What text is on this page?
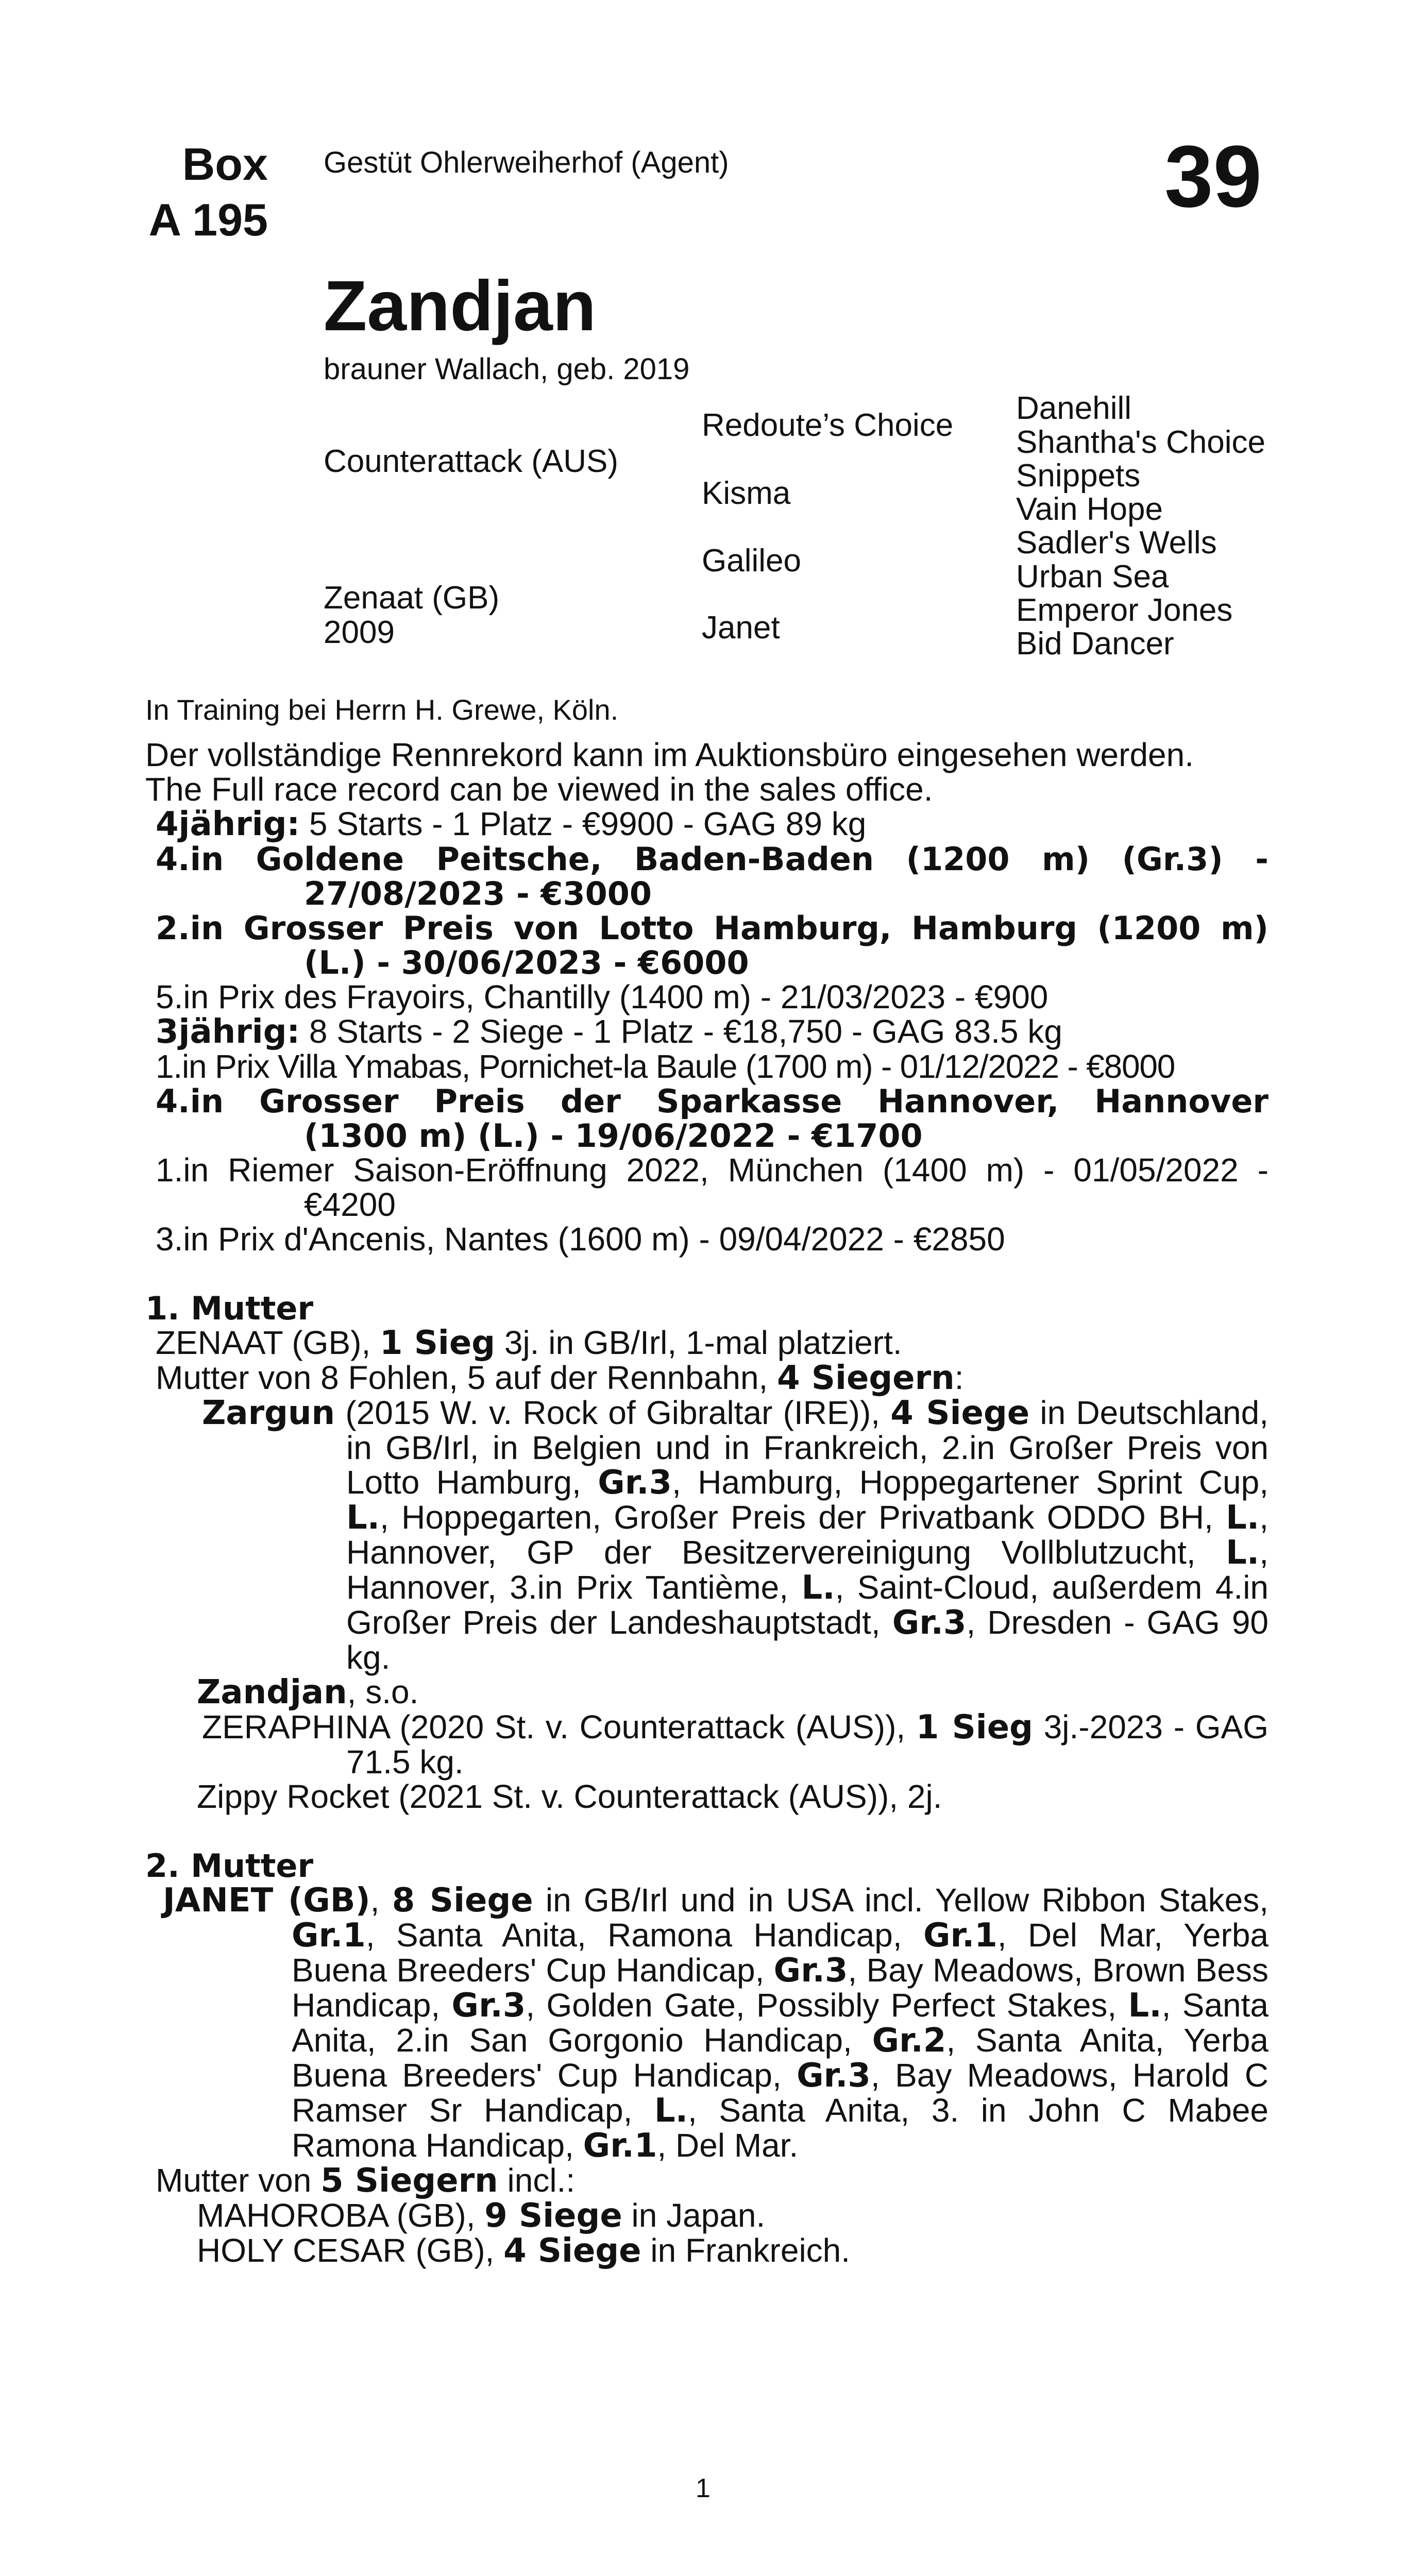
Box
A 195
Gestüt Ohlerweiherhof (Agent)	39
Zandjan
brauner Wallach, geb. 2019
Counterattack (AUS)
Zenaat (GB)
2009
Redoute’s Choice
Kisma
Galileo
Janet
Danehill
Shantha's Choice
Snippets
Vain Hope
Sadler's Wells
Urban Sea
Emperor Jones
Bid Dancer
In Training bei Herrn H. Grewe, Köln.
Der vollständige Rennrekord kann im Auktionsbüro eingesehen werden.
The Full race record can be viewed in the sales office.
4jährig: 5 Starts - 1 Platz - €9900 - GAG 89 kg
4.in Goldene Peitsche, Baden-Baden (1200 m) (Gr.3) -
27/08/2023 - €3000
2.in Grosser Preis von Lotto Hamburg, Hamburg (1200 m)
(L.) - 30/06/2023 - €6000
5.in Prix des Frayoirs, Chantilly (1400 m) - 21/03/2023 - €900
3jährig: 8 Starts - 2 Siege - 1 Platz - €18,750 - GAG 83.5 kg
1.in Prix Villa Ymabas, Pornichet-la Baule (1700 m) - 01/12/2022 - €8000
4.in Grosser Preis der Sparkasse Hannover, Hannover
(1300 m) (L.) - 19/06/2022 - €1700
1.in Riemer Saison-Eröffnung 2022, München (1400 m) - 01/05/2022 -
€4200
3.in Prix d'Ancenis, Nantes (1600 m) - 09/04/2022 - €2850
1. Mutter
ZENAAT (GB), 1 Sieg 3j. in GB/Irl, 1-mal platziert.
Mutter von 8 Fohlen, 5 auf der Rennbahn, 4 Siegern:
Zargun (2015 W. v. Rock of Gibraltar (IRE)), 4 Siege in Deutschland, in GB/Irl, in Belgien und in Frankreich, 2.in Großer Preis von Lotto Hamburg, Gr.3, Hamburg, Hoppegartener Sprint Cup, L., Hoppegarten, Großer Preis der Privatbank ODDO BH, L., Hannover, GP der Besitzervereinigung Vollblutzucht, L., Hannover, 3.in Prix Tantième, L., Saint-Cloud, außerdem 4.in Großer Preis der Landeshauptstadt, Gr.3, Dresden - GAG 90 kg.
Zandjan, s.o.
ZERAPHINA (2020 St. v. Counterattack (AUS)), 1 Sieg 3j.-2023 - GAG 71.5 kg.
Zippy Rocket (2021 St. v. Counterattack (AUS)), 2j.
2. Mutter
JANET (GB), 8 Siege in GB/Irl und in USA incl. Yellow Ribbon Stakes, Gr.1, Santa Anita, Ramona Handicap, Gr.1, Del Mar, Yerba Buena Breeders' Cup Handicap, Gr.3, Bay Meadows, Brown Bess Handicap, Gr.3, Golden Gate, Possibly Perfect Stakes, L., Santa Anita, 2.in San Gorgonio Handicap, Gr.2, Santa Anita, Yerba Buena Breeders' Cup Handicap, Gr.3, Bay Meadows, Harold C Ramser Sr Handicap, L., Santa Anita, 3. in John C Mabee Ramona Handicap, Gr.1, Del Mar.
Mutter von 5 Siegern incl.:
MAHOROBA (GB), 9 Siege in Japan.
HOLY CESAR (GB), 4 Siege in Frankreich.
1
